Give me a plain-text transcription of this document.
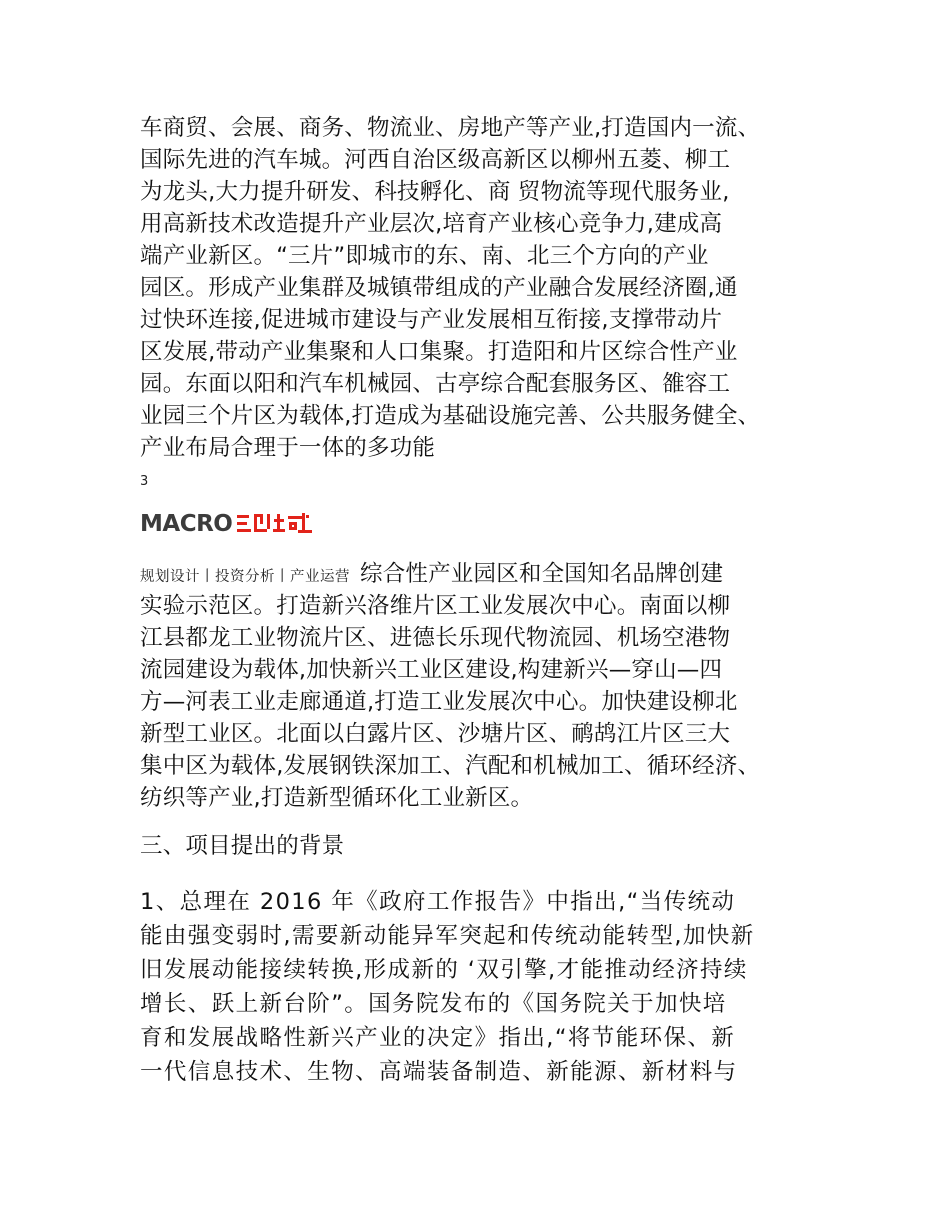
车商贸、会展、商务、物流业、房地产等产业,打造国内一流、
国际先进的汽车城。河西自治区级高新区以柳州五菱、柳工
为龙头,大力提升研发、科技孵化、商 贸物流等现代服务业,
用高新技术改造提升产业层次,培育产业核心竞争力,建成高
端产业新区。“三片”即城市的东、南、北三个方向的产业
园区。形成产业集群及城镇带组成的产业融合发展经济圈,通
过快环连接,促进城市建设与产业发展相互衔接,支撑带动片
区发展,带动产业集聚和人口集聚。打造阳和片区综合性产业
园。东面以阳和汽车机械园、古亭综合配套服务区、雒容工
业园三个片区为载体,打造成为基础设施完善、公共服务健全、
产业布局合理于一体的多功能
3
MACRO
规划设计丨投资分析丨产业运营 综合性产业园区和全国知名品牌创建
实验示范区。打造新兴洛维片区工业发展次中心。南面以柳
江县都龙工业物流片区、进德长乐现代物流园、机场空港物
流园建设为载体,加快新兴工业区建设,构建新兴—穿山—四
方—河表工业走廊通道,打造工业发展次中心。加快建设柳北
新型工业区。北面以白露片区、沙塘片区、鸸鸪江片区三大
集中区为载体,发展钢铁深加工、汽配和机械加工、循环经济、
纺织等产业,打造新型循环化工业新区。
三、项目提出的背景
1、总理在 2016 年《政府工作报告》中指出,“当传统动
能由强变弱时,需要新动能异军突起和传统动能转型,加快新
旧发展动能接续转换,形成新的 ‘双引擎,才能推动经济持续
增长、跃上新台阶”。国务院发布的《国务院关于加快培
育和发展战略性新兴产业的决定》指出,“将节能环保、新
一代信息技术、生物、高端装备制造、新能源、新材料与
